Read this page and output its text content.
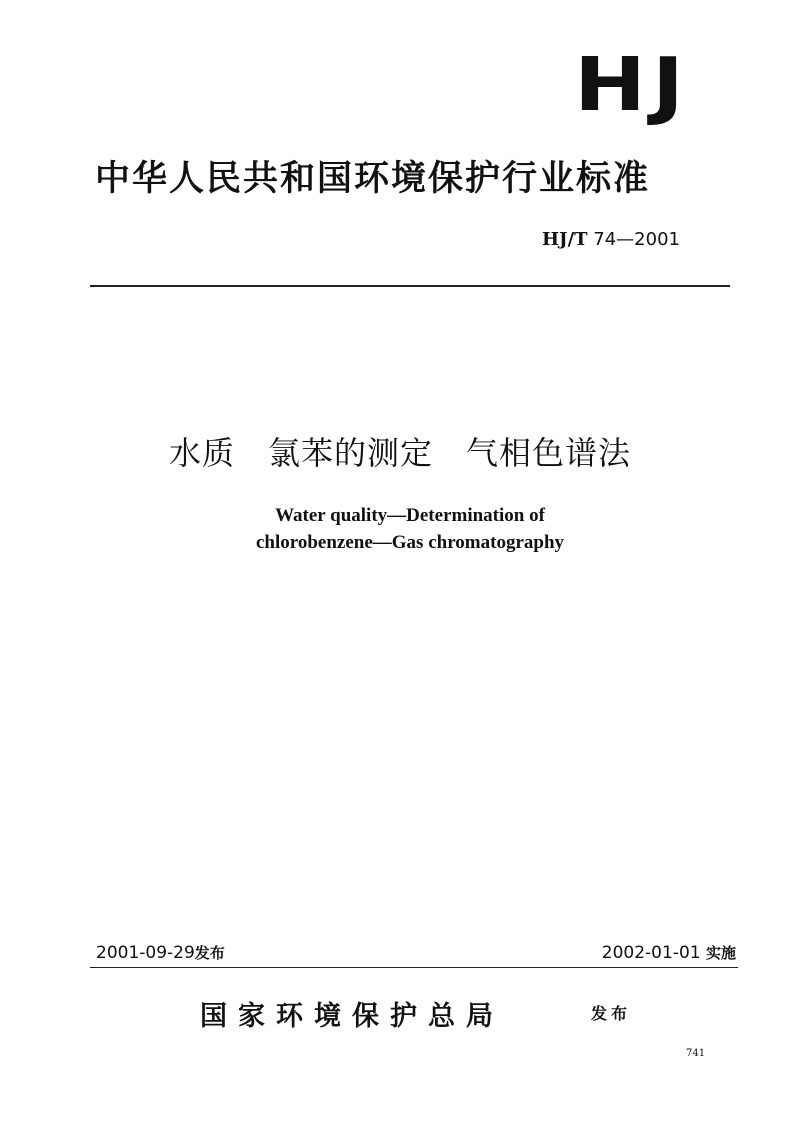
HJ
中华人民共和国环境保护行业标准
HJ/T 74—2001
水质　氯苯的测定　气相色谱法
Water quality—Determination of
chlorobenzene—Gas chromatography
2001-09-29发布	2002-01-01 实施
国家环境保护总局	发布
741
